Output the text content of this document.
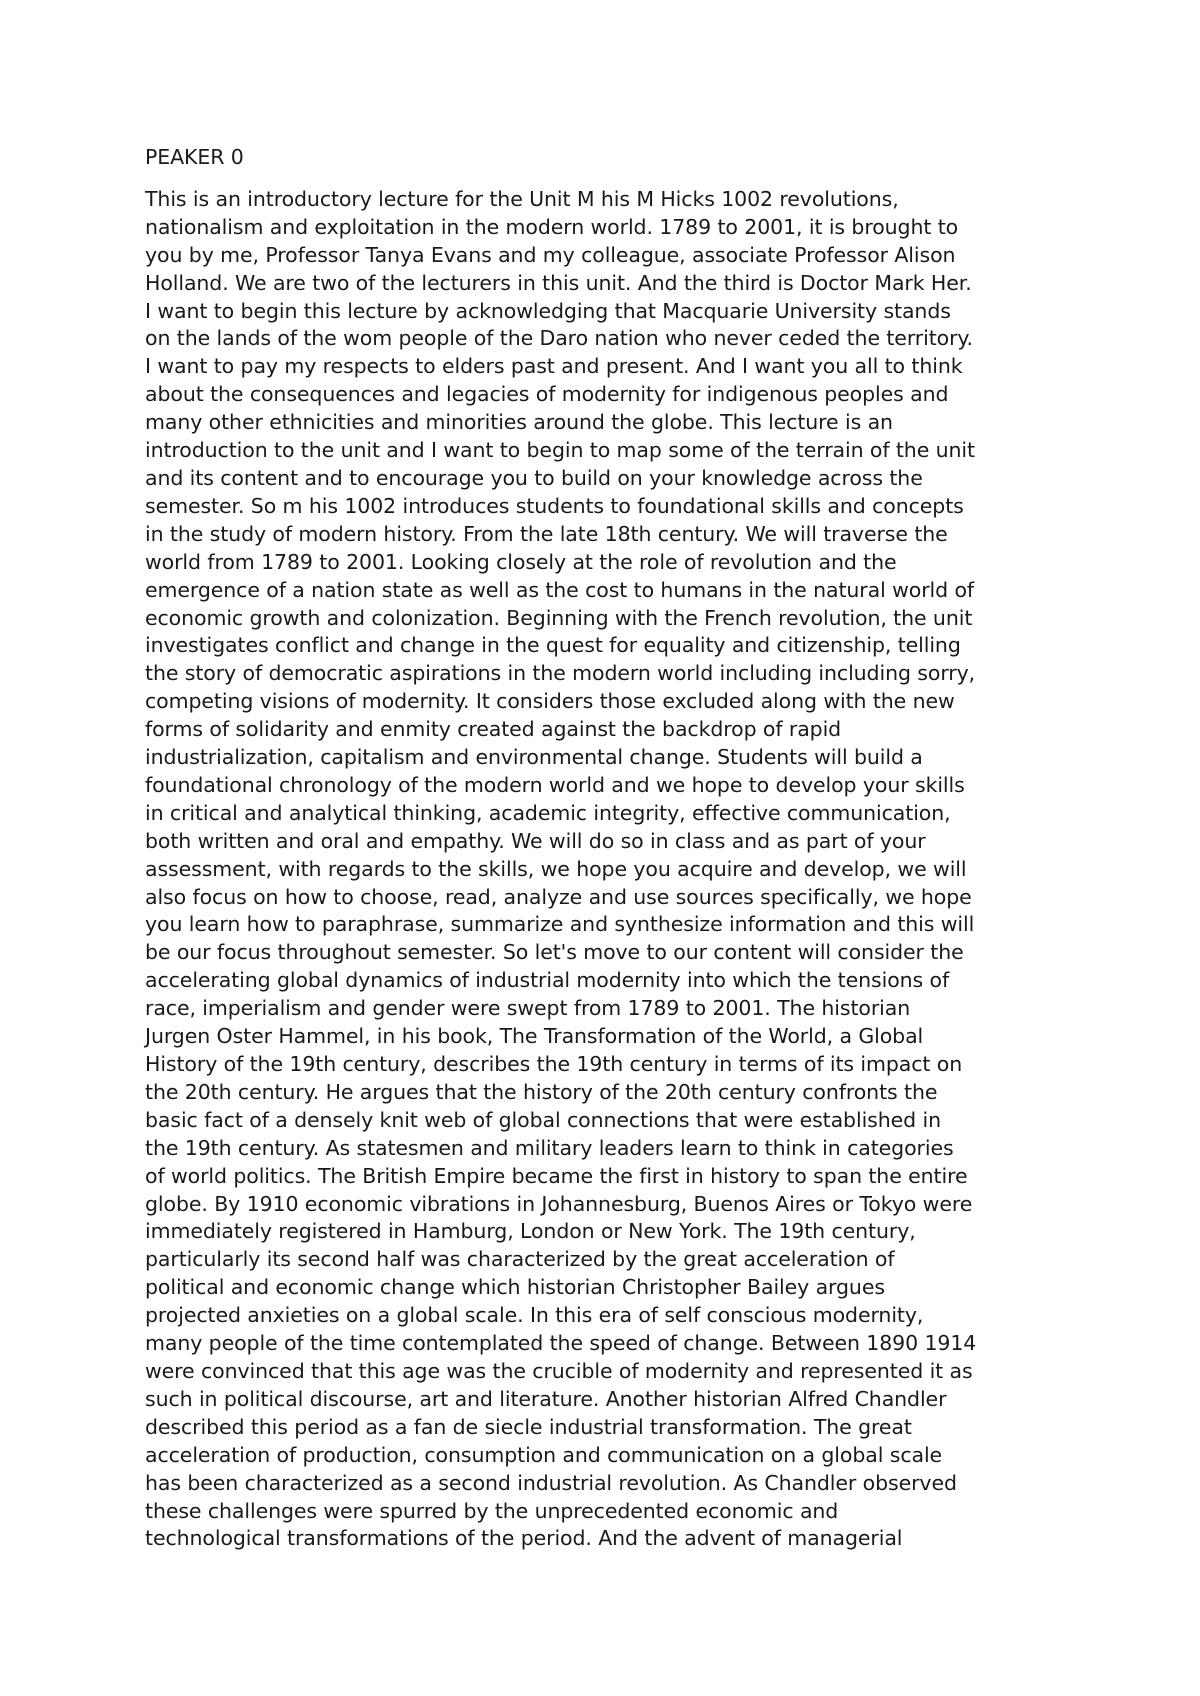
PEAKER 0
This is an introductory lecture for the Unit M his M Hicks 1002 revolutions,
nationalism and exploitation in the modern world. 1789 to 2001, it is brought to
you by me, Professor Tanya Evans and my colleague, associate Professor Alison
Holland. We are two of the lecturers in this unit. And the third is Doctor Mark Her.
I want to begin this lecture by acknowledging that Macquarie University stands
on the lands of the wom people of the Daro nation who never ceded the territory.
I want to pay my respects to elders past and present. And I want you all to think
about the consequences and legacies of modernity for indigenous peoples and
many other ethnicities and minorities around the globe. This lecture is an
introduction to the unit and I want to begin to map some of the terrain of the unit
and its content and to encourage you to build on your knowledge across the
semester. So m his 1002 introduces students to foundational skills and concepts
in the study of modern history. From the late 18th century. We will traverse the
world from 1789 to 2001. Looking closely at the role of revolution and the
emergence of a nation state as well as the cost to humans in the natural world of
economic growth and colonization. Beginning with the French revolution, the unit
investigates conflict and change in the quest for equality and citizenship, telling
the story of democratic aspirations in the modern world including including sorry,
competing visions of modernity. It considers those excluded along with the new
forms of solidarity and enmity created against the backdrop of rapid
industrialization, capitalism and environmental change. Students will build a
foundational chronology of the modern world and we hope to develop your skills
in critical and analytical thinking, academic integrity, effective communication,
both written and oral and empathy. We will do so in class and as part of your
assessment, with regards to the skills, we hope you acquire and develop, we will
also focus on how to choose, read, analyze and use sources specifically, we hope
you learn how to paraphrase, summarize and synthesize information and this will
be our focus throughout semester. So let's move to our content will consider the
accelerating global dynamics of industrial modernity into which the tensions of
race, imperialism and gender were swept from 1789 to 2001. The historian
Jurgen Oster Hammel, in his book, The Transformation of the World, a Global
History of the 19th century, describes the 19th century in terms of its impact on
the 20th century. He argues that the history of the 20th century confronts the
basic fact of a densely knit web of global connections that were established in
the 19th century. As statesmen and military leaders learn to think in categories
of world politics. The British Empire became the first in history to span the entire
globe. By 1910 economic vibrations in Johannesburg, Buenos Aires or Tokyo were
immediately registered in Hamburg, London or New York. The 19th century,
particularly its second half was characterized by the great acceleration of
political and economic change which historian Christopher Bailey argues
projected anxieties on a global scale. In this era of self conscious modernity,
many people of the time contemplated the speed of change. Between 1890 1914
were convinced that this age was the crucible of modernity and represented it as
such in political discourse, art and literature. Another historian Alfred Chandler
described this period as a fan de siecle industrial transformation. The great
acceleration of production, consumption and communication on a global scale
has been characterized as a second industrial revolution. As Chandler observed
these challenges were spurred by the unprecedented economic and
technological transformations of the period. And the advent of managerial
